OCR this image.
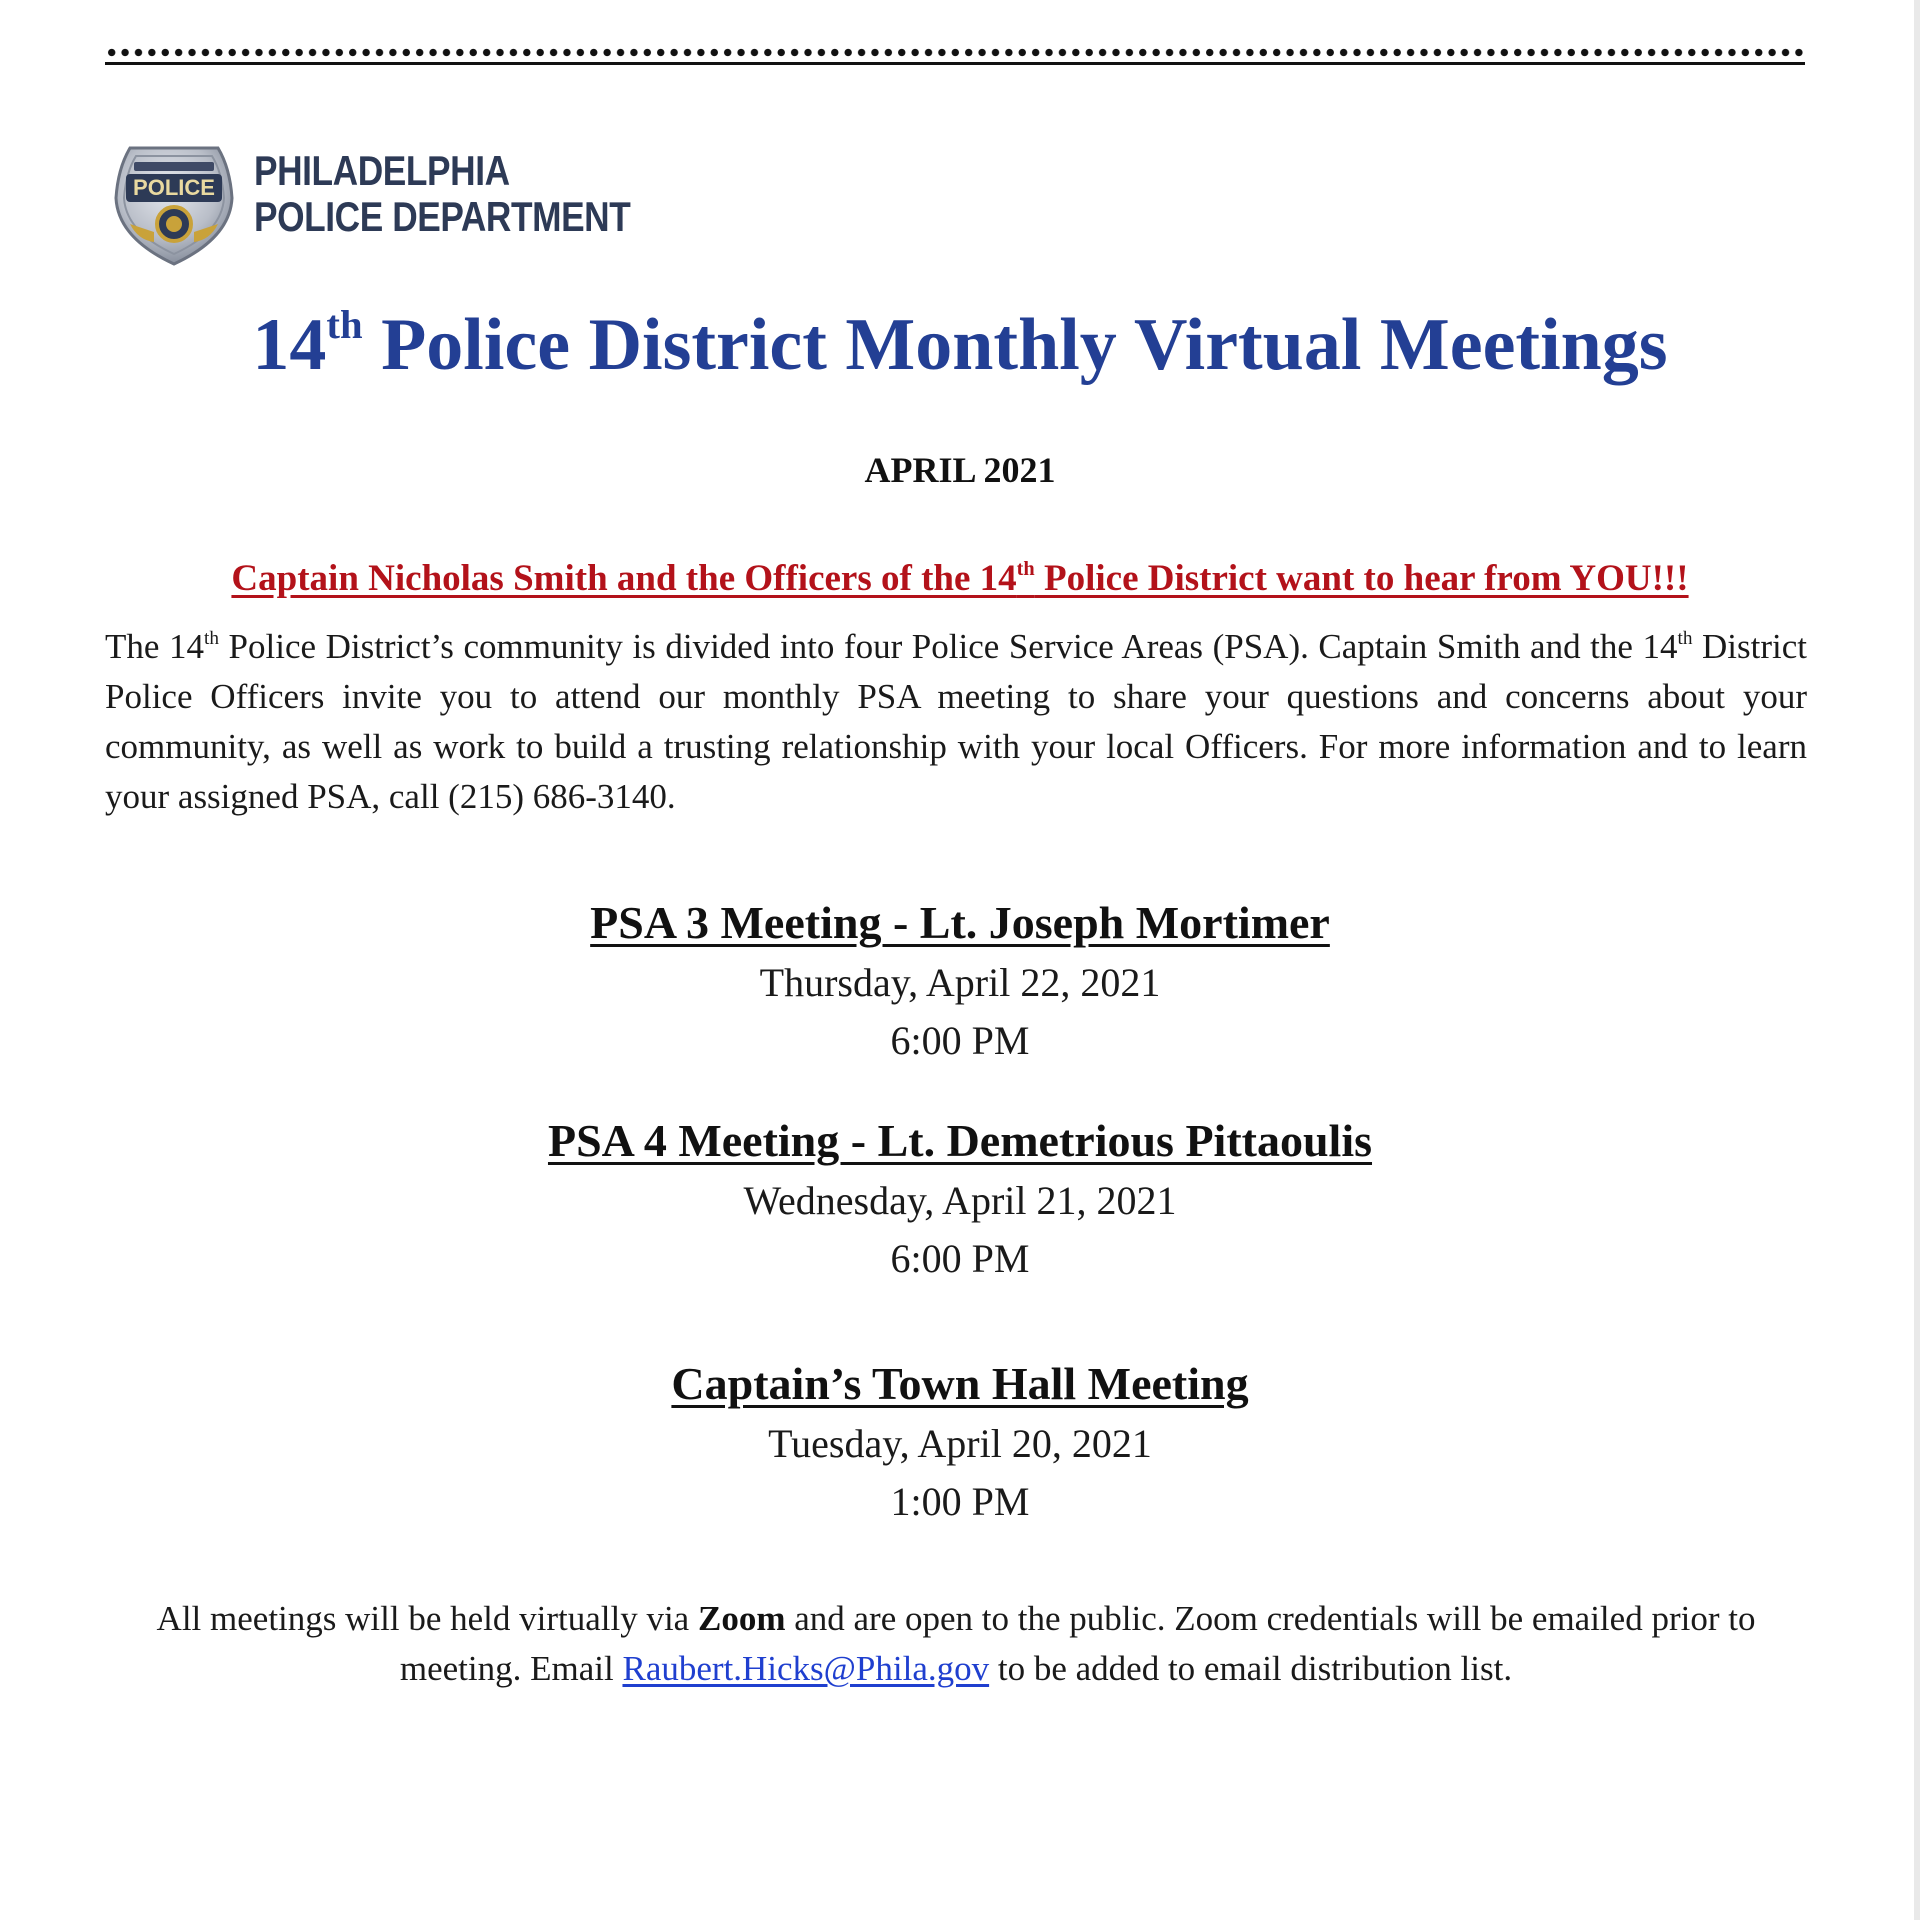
POLICE PHILADELPHIA
POLICE DEPARTMENT
14th Police District Monthly Virtual Meetings
APRIL 2021
Captain Nicholas Smith and the Officers of the 14th Police District want to hear from YOU!!!
The 14th Police District’s community is divided into four Police Service Areas (PSA). Captain Smith and the 14th District Police Officers invite you to attend our monthly PSA meeting to share your questions and concerns about your community, as well as work to build a trusting relationship with your local Officers. For more information and to learn your assigned PSA, call (215) 686-3140.
PSA 3 Meeting - Lt. Joseph Mortimer
Thursday, April 22, 2021
6:00 PM
PSA 4 Meeting - Lt. Demetrious Pittaoulis
Wednesday, April 21, 2021
6:00 PM
Captain’s Town Hall Meeting
Tuesday, April 20, 2021
1:00 PM
All meetings will be held virtually via Zoom and are open to the public. Zoom credentials will be emailed prior to meeting. Email Raubert.Hicks@Phila.gov to be added to email distribution list.
